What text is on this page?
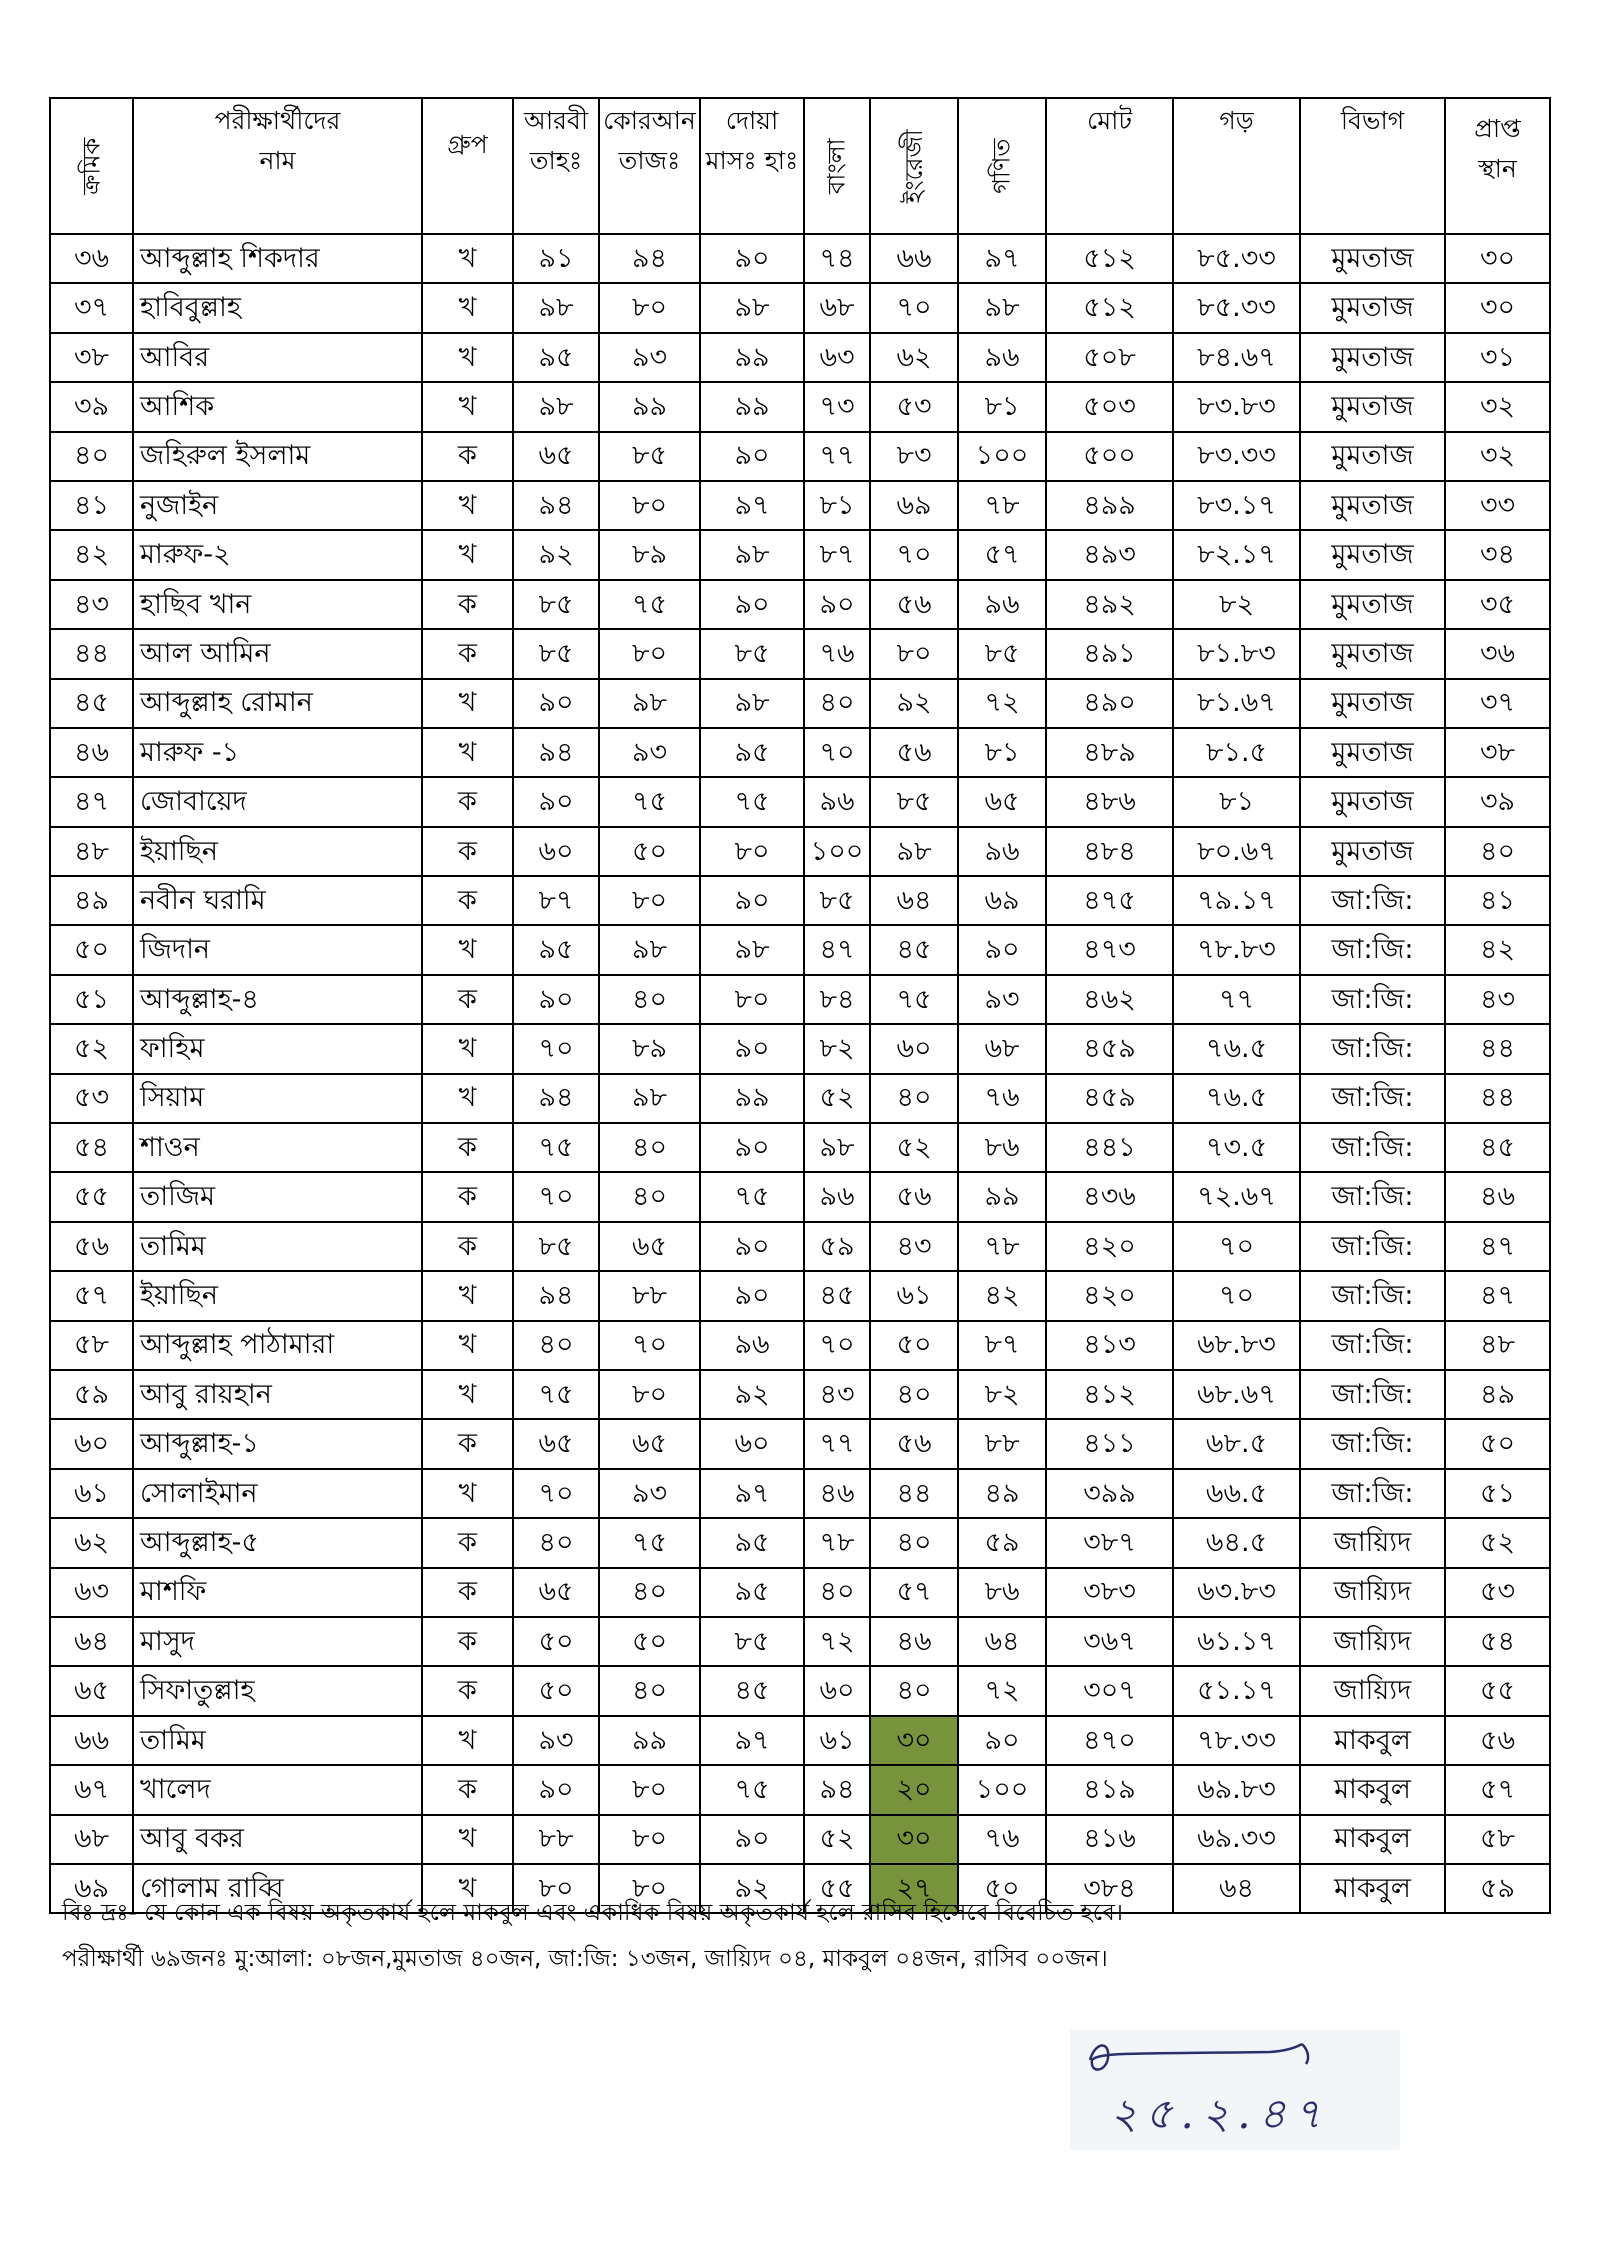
ক্রমিক	পরীক্ষার্থীদের নাম	গ্রুপ	আরবী তাহঃ	কোরআন তাজঃ	দোয়া মাসঃ হাঃ	বাংলা	ইংরেজী	গণিত	মোট	গড়	বিভাগ	প্রাপ্ত স্থান
৩৬	আব্দুল্লাহ শিকদার	খ	৯১	৯৪	৯০	৭৪	৬৬	৯৭	৫১২	৮৫.৩৩	মুমতাজ	৩০
৩৭	হাবিবুল্লাহ	খ	৯৮	৮০	৯৮	৬৮	৭০	৯৮	৫১২	৮৫.৩৩	মুমতাজ	৩০
৩৮	আবির	খ	৯৫	৯৩	৯৯	৬৩	৬২	৯৬	৫০৮	৮৪.৬৭	মুমতাজ	৩১
৩৯	আশিক	খ	৯৮	৯৯	৯৯	৭৩	৫৩	৮১	৫০৩	৮৩.৮৩	মুমতাজ	৩২
৪০	জহিরুল ইসলাম	ক	৬৫	৮৫	৯০	৭৭	৮৩	১০০	৫০০	৮৩.৩৩	মুমতাজ	৩২
৪১	নুজাইন	খ	৯৪	৮০	৯৭	৮১	৬৯	৭৮	৪৯৯	৮৩.১৭	মুমতাজ	৩৩
৪২	মারুফ-২	খ	৯২	৮৯	৯৮	৮৭	৭০	৫৭	৪৯৩	৮২.১৭	মুমতাজ	৩৪
৪৩	হাছিব খান	ক	৮৫	৭৫	৯০	৯০	৫৬	৯৬	৪৯২	৮২	মুমতাজ	৩৫
৪৪	আল আমিন	ক	৮৫	৮০	৮৫	৭৬	৮০	৮৫	৪৯১	৮১.৮৩	মুমতাজ	৩৬
৪৫	আব্দুল্লাহ রোমান	খ	৯০	৯৮	৯৮	৪০	৯২	৭২	৪৯০	৮১.৬৭	মুমতাজ	৩৭
৪৬	মারুফ -১	খ	৯৪	৯৩	৯৫	৭০	৫৬	৮১	৪৮৯	৮১.৫	মুমতাজ	৩৮
৪৭	জোবায়েদ	ক	৯০	৭৫	৭৫	৯৬	৮৫	৬৫	৪৮৬	৮১	মুমতাজ	৩৯
৪৮	ইয়াছিন	ক	৬০	৫০	৮০	১০০	৯৮	৯৬	৪৮৪	৮০.৬৭	মুমতাজ	৪০
৪৯	নবীন ঘরামি	ক	৮৭	৮০	৯০	৮৫	৬৪	৬৯	৪৭৫	৭৯.১৭	জা:জি:	৪১
৫০	জিদান	খ	৯৫	৯৮	৯৮	৪৭	৪৫	৯০	৪৭৩	৭৮.৮৩	জা:জি:	৪২
৫১	আব্দুল্লাহ-৪	ক	৯০	৪০	৮০	৮৪	৭৫	৯৩	৪৬২	৭৭	জা:জি:	৪৩
৫২	ফাহিম	খ	৭০	৮৯	৯০	৮২	৬০	৬৮	৪৫৯	৭৬.৫	জা:জি:	৪৪
৫৩	সিয়াম	খ	৯৪	৯৮	৯৯	৫২	৪০	৭৬	৪৫৯	৭৬.৫	জা:জি:	৪৪
৫৪	শাওন	ক	৭৫	৪০	৯০	৯৮	৫২	৮৬	৪৪১	৭৩.৫	জা:জি:	৪৫
৫৫	তাজিম	ক	৭০	৪০	৭৫	৯৬	৫৬	৯৯	৪৩৬	৭২.৬৭	জা:জি:	৪৬
৫৬	তামিম	ক	৮৫	৬৫	৯০	৫৯	৪৩	৭৮	৪২০	৭০	জা:জি:	৪৭
৫৭	ইয়াছিন	খ	৯৪	৮৮	৯০	৪৫	৬১	৪২	৪২০	৭০	জা:জি:	৪৭
৫৮	আব্দুল্লাহ পাঠামারা	খ	৪০	৭০	৯৬	৭০	৫০	৮৭	৪১৩	৬৮.৮৩	জা:জি:	৪৮
৫৯	আবু রায়হান	খ	৭৫	৮০	৯২	৪৩	৪০	৮২	৪১২	৬৮.৬৭	জা:জি:	৪৯
৬০	আব্দুল্লাহ-১	ক	৬৫	৬৫	৬০	৭৭	৫৬	৮৮	৪১১	৬৮.৫	জা:জি:	৫০
৬১	সোলাইমান	খ	৭০	৯৩	৯৭	৪৬	৪৪	৪৯	৩৯৯	৬৬.৫	জা:জি:	৫১
৬২	আব্দুল্লাহ-৫	ক	৪০	৭৫	৯৫	৭৮	৪০	৫৯	৩৮৭	৬৪.৫	জায়্যিদ	৫২
৬৩	মাশফি	ক	৬৫	৪০	৯৫	৪০	৫৭	৮৬	৩৮৩	৬৩.৮৩	জায়্যিদ	৫৩
৬৪	মাসুদ	ক	৫০	৫০	৮৫	৭২	৪৬	৬৪	৩৬৭	৬১.১৭	জায়্যিদ	৫৪
৬৫	সিফাতুল্লাহ	ক	৫০	৪০	৪৫	৬০	৪০	৭২	৩০৭	৫১.১৭	জায়্যিদ	৫৫
৬৬	তামিম	খ	৯৩	৯৯	৯৭	৬১	৩০	৯০	৪৭০	৭৮.৩৩	মাকবুল	৫৬
৬৭	খালেদ	ক	৯০	৮০	৭৫	৯৪	২০	১০০	৪১৯	৬৯.৮৩	মাকবুল	৫৭
৬৮	আবু বকর	খ	৮৮	৮০	৯০	৫২	৩০	৭৬	৪১৬	৬৯.৩৩	মাকবুল	৫৮
৬৯	গোলাম রাব্বি	খ	৮০	৮০	৯২	৫৫	২৭	৫০	৩৮৪	৬৪	মাকবুল	৫৯
বিঃ দ্রঃ- যে কোন এক বিষয় অকৃতকার্য হলে মাকবুল এবং একাধিক বিষয় অকৃতকার্য হলে রাসিব হিসেবে বিবেচিত হবে।
পরীক্ষার্থী ৬৯জনঃ মু:আলা: ০৮জন,মুমতাজ ৪০জন, জা:জি: ১৩জন, জায়্যিদ ০৪, মাকবুল ০৪জন, রাসিব ০০জন।
২৫.২.৪৭
